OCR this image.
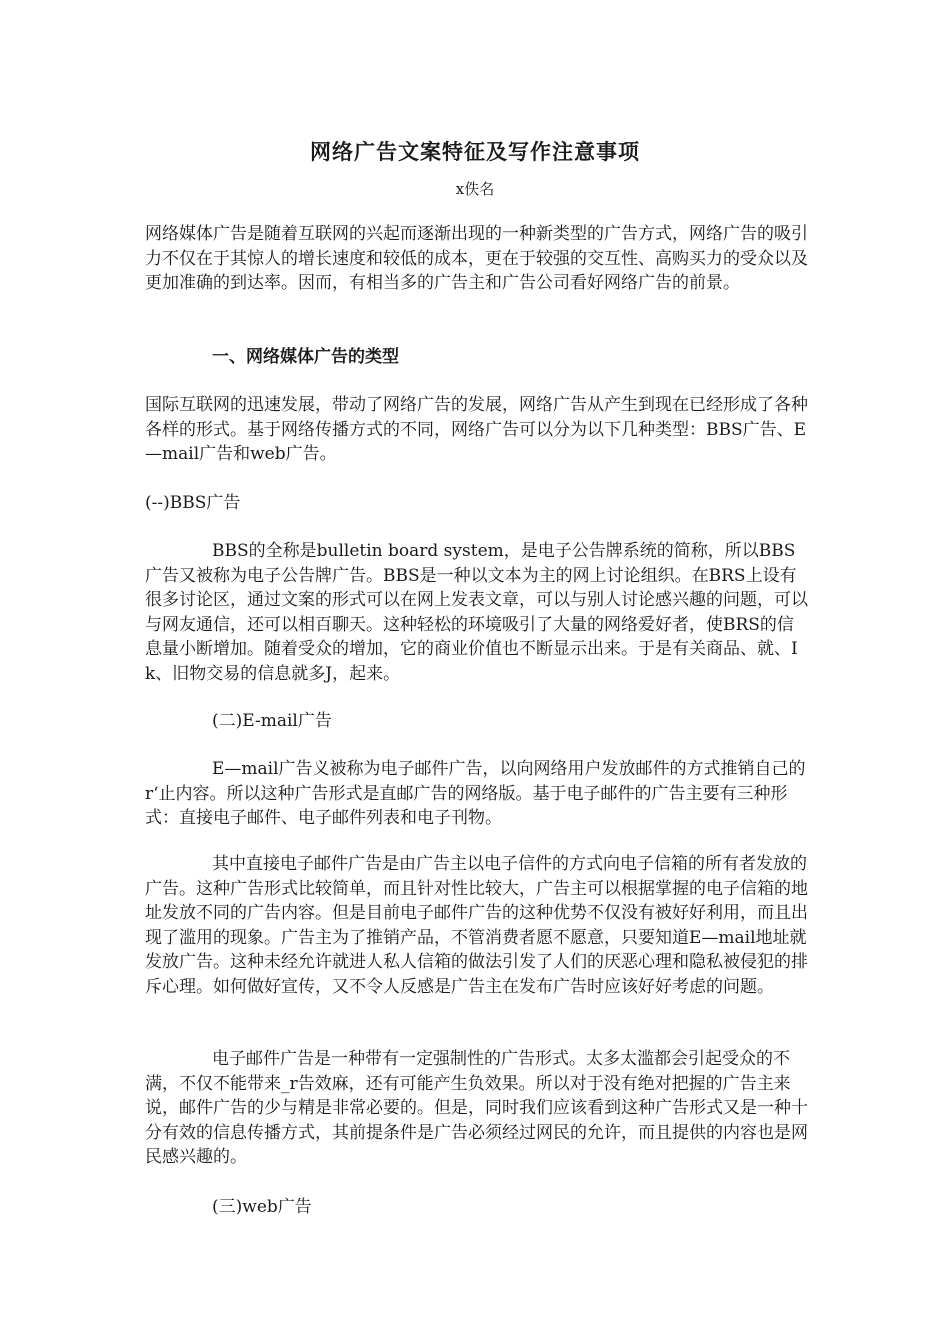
网络广告文案特征及写作注意事项
x佚名

网络媒体广告是随着互联网的兴起而逐渐出现的一种新类型的广告方式，网络广告的吸引力不仅在于其惊人的增长速度和较低的成本，更在于较强的交互性、高购买力的受众以及更加准确的到达率。因而，有相当多的广告主和广告公司看好网络广告的前景。

一、网络媒体广告的类型

国际互联网的迅速发展，带动了网络广告的发展，网络广告从产生到现在已经形成了各种各样的形式。基于网络传播方式的不同，网络广告可以分为以下几种类型：BBS广告、E—mail广告和web广告。

(--)BBS广告

BBS的全称是bulletin board system，是电子公告牌系统的简称，所以BBS广告又被称为电子公告牌广告。BBS是一种以文本为主的网上讨论组织。在BRS上设有很多讨论区，通过文案的形式可以在网上发表文章，可以与别人讨论感兴趣的问题，可以与网友通信，还可以相百聊天。这种轻松的环境吸引了大量的网络爱好者，使BRS的信息量小断增加。随着受众的增加，它的商业价值也不断显示出来。于是有关商品、就、Ik、旧物交易的信息就多J，起来。

(二)E-mail广告

E—mail广告义被称为电子邮件广告，以向网络用户发放邮件的方式推销自己的r‘止内容。所以这种广告形式是直邮广告的网络版。基于电子邮件的广告主要有三种形式：直接电子邮件、电子邮件列表和电子刊物。

其中直接电子邮件广告是由广告主以电子信件的方式向电子信箱的所有者发放的广告。这种广告形式比较简单，而且针对性比较大，广告主可以根据掌握的电子信箱的地址发放不同的广告内容。但是目前电子邮件广告的这种优势不仅没有被好好利用，而且出现了滥用的现象。广告主为了推销产品，不管消费者愿不愿意，只要知道E—mail地址就发放广告。这种未经允许就进人私人信箱的做法引发了人们的厌恶心理和隐私被侵犯的排斥心理。如何做好宣传，又不令人反感是广告主在发布广告时应该好好考虑的问题。

电子邮件广告是一种带有一定强制性的广告形式。太多太滥都会引起受众的不满，不仅不能带来_r告效麻，还有可能产生负效果。所以对于没有绝对把握的广告主来说，邮件广告的少与精是非常必要的。但是，同时我们应该看到这种广告形式又是一种十分有效的信息传播方式，其前提条件是广告必须经过网民的允许，而且提供的内容也是网民感兴趣的。

(三)web广告
